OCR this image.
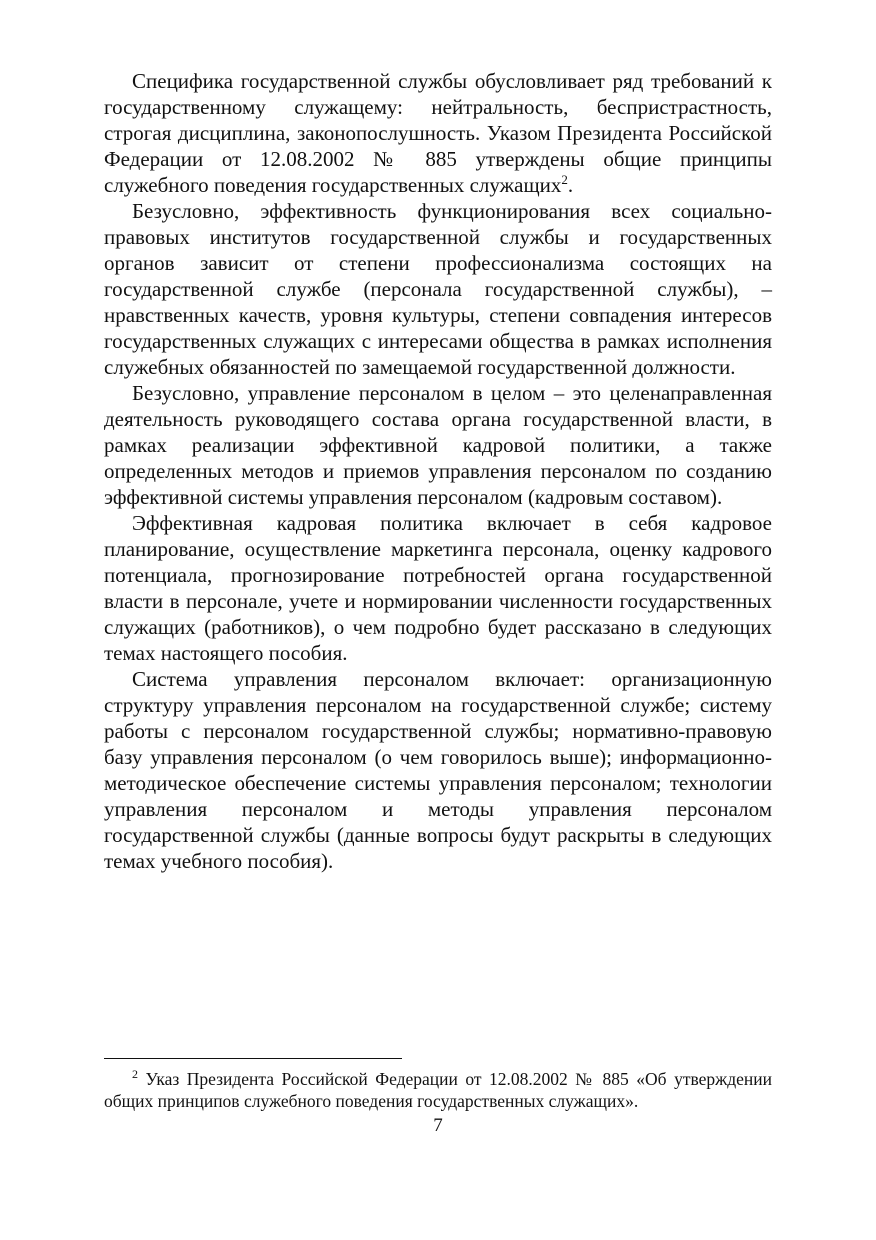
Специфика государственной службы обусловливает ряд требований к государственному служащему: нейтральность, беспристрастность, строгая дисциплина, законопослушность. Указом Президента Российской Федерации от 12.08.2002 № 885 утверждены общие принципы служебного поведения государственных служащих$^2$.

Безусловно, эффективность функционирования всех социально-правовых институтов государственной службы и государственных органов зависит от степени профессионализма состоящих на государственной службе (персонала государственной службы), – нравственных качеств, уровня культуры, степени совпадения интересов государственных служащих с интересами общества в рамках исполнения служебных обязанностей по замещаемой государственной должности.

Безусловно, управление персоналом в целом – это целенаправленная деятельность руководящего состава органа государственной власти, в рамках реализации эффективной кадровой политики, а также определенных методов и приемов управления персоналом по созданию эффективной системы управления персоналом (кадровым составом).

Эффективная кадровая политика включает в себя кадровое планирование, осуществление маркетинга персонала, оценку кадрового потенциала, прогнозирование потребностей органа государственной власти в персонале, учете и нормировании численности государственных служащих (работников), о чем подробно будет рассказано в следующих темах настоящего пособия.

Система управления персоналом включает: организационную структуру управления персоналом на государственной службе; систему работы с персоналом государственной службы; нормативно-правовую базу управления персоналом (о чем говорилось выше); информационно-методическое обеспечение системы управления персоналом; технологии управления персоналом и методы управления персоналом государственной службы (данные вопросы будут раскрыты в следующих темах учебного пособия).

$^2$ Указ Президента Российской Федерации от 12.08.2002 № 885 «Об утверждении общих принципов служебного поведения государственных служащих».

7
